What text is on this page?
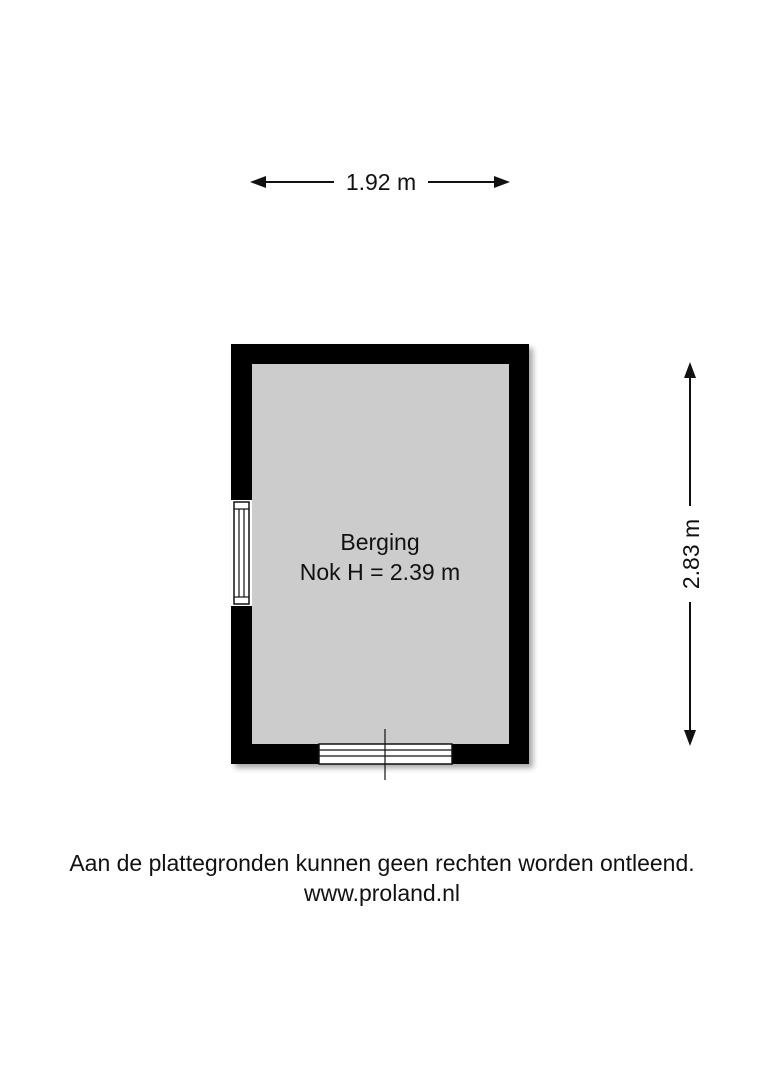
1.92 m
2.83 m
Berging
Nok H = 2.39 m
Aan de plattegronden kunnen geen rechten worden ontleend.
www.proland.nl
